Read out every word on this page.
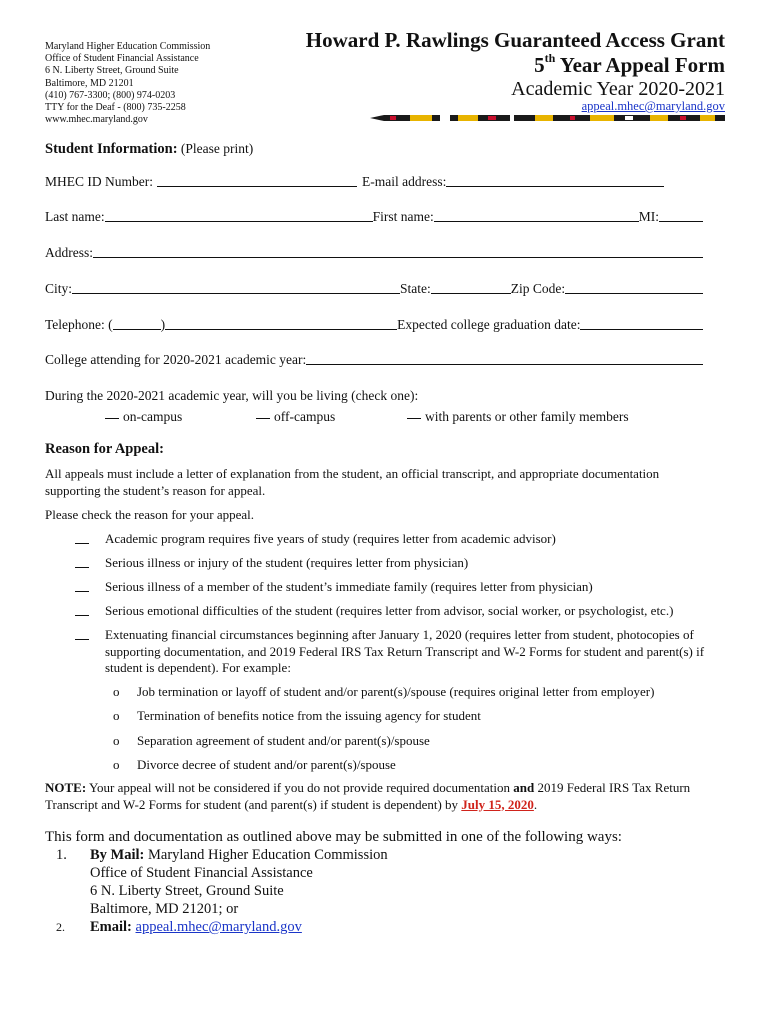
Maryland Higher Education Commission
Office of Student Financial Assistance
6 N. Liberty Street, Ground Suite
Baltimore, MD 21201
(410) 767-3300; (800) 974-0203
TTY for the Deaf - (800) 735-2258
www.mhec.maryland.gov
Howard P. Rawlings Guaranteed Access Grant
5th Year Appeal Form
Academic Year 2020-2021
appeal.mhec@maryland.gov
Student Information: (Please print)
MHEC ID Number:	E-mail address:
Last name:	First name:	MI:
Address:
City:	State:	Zip Code:
Telephone: (	)	Expected college graduation date:
College attending for 2020-2021 academic year:
During the 2020-2021 academic year, will you be living (check one):
on-campus	off-campus	with parents or other family members
Reason for Appeal:
All appeals must include a letter of explanation from the student, an official transcript, and appropriate documentation supporting the student’s reason for appeal.
Please check the reason for your appeal.
Academic program requires five years of study (requires letter from academic advisor)
Serious illness or injury of the student (requires letter from physician)
Serious illness of a member of the student’s immediate family (requires letter from physician)
Serious emotional difficulties of the student (requires letter from advisor, social worker, or psychologist, etc.)
Extenuating financial circumstances beginning after January 1, 2020 (requires letter from student, photocopies of supporting documentation, and 2019 Federal IRS Tax Return Transcript and W-2 Forms for student and parent(s) if student is dependent). For example:
o Job termination or layoff of student and/or parent(s)/spouse (requires original letter from employer)
o Termination of benefits notice from the issuing agency for student
o Separation agreement of student and/or parent(s)/spouse
o Divorce decree of student and/or parent(s)/spouse
NOTE: Your appeal will not be considered if you do not provide required documentation and 2019 Federal IRS Tax Return Transcript and W-2 Forms for student (and parent(s) if student is dependent) by July 15, 2020.
This form and documentation as outlined above may be submitted in one of the following ways:
1.	By Mail: Maryland Higher Education Commission
Office of Student Financial Assistance
6 N. Liberty Street, Ground Suite
Baltimore, MD 21201; or
2.	Email: appeal.mhec@maryland.gov
